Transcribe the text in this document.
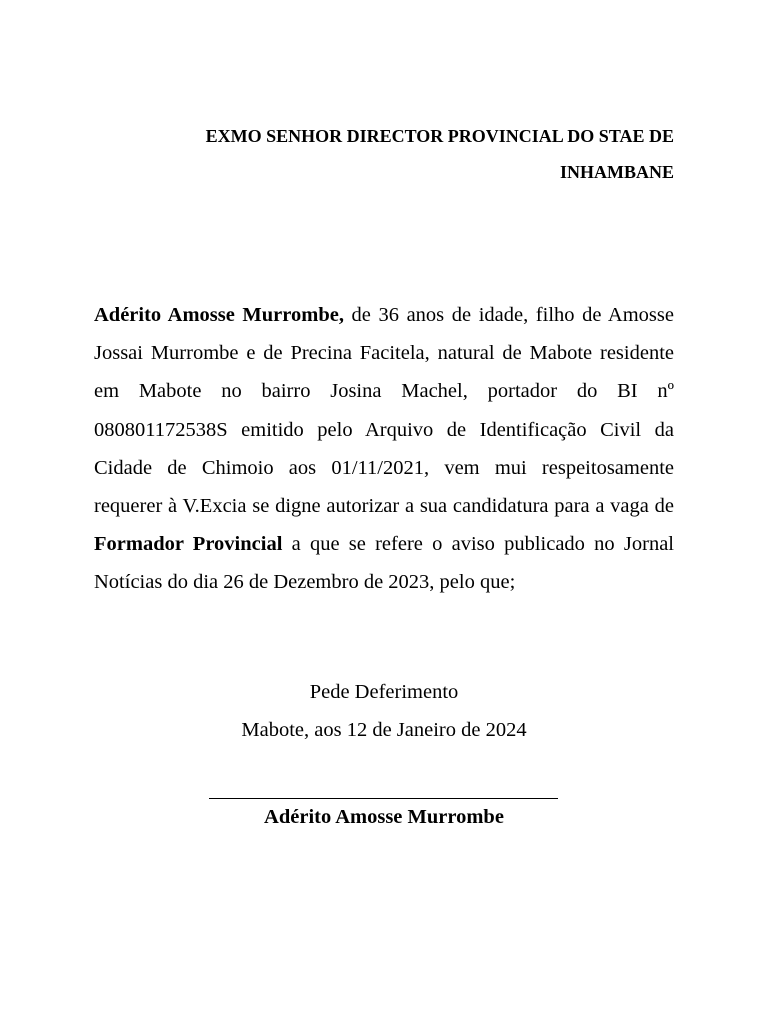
EXMO SENHOR DIRECTOR PROVINCIAL DO STAE DE
INHAMBANE

Adérito Amosse Murrombe, de 36 anos de idade, filho de Amosse Jossai Murrombe e de Precina Facitela, natural de Mabote residente em Mabote no bairro Josina Machel, portador do BI nº 080801172538S emitido pelo Arquivo de Identificação Civil da Cidade de Chimoio aos 01/11/2021, vem mui respeitosamente requerer à V.Excia se digne autorizar a sua candidatura para a vaga de Formador Provincial a que se refere o aviso publicado no Jornal Notícias do dia 26 de Dezembro de 2023, pelo que;

Pede Deferimento
Mabote, aos 12 de Janeiro de 2024
Adérito Amosse Murrombe
